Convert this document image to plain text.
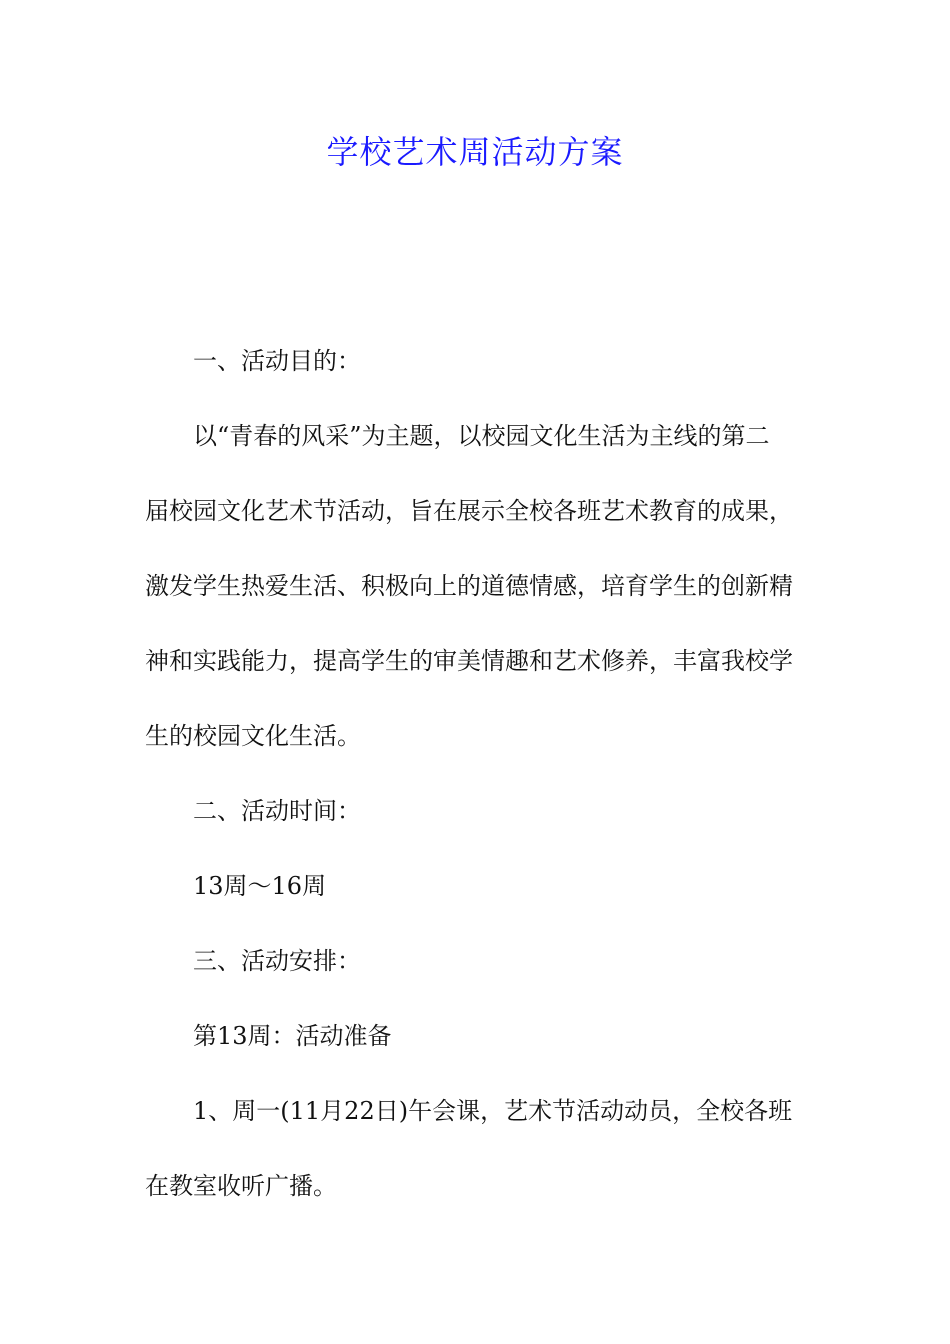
学校艺术周活动方案
一、活动目的：
以“青春的风采”为主题，以校园文化生活为主线的第二
届校园文化艺术节活动，旨在展示全校各班艺术教育的成果，
激发学生热爱生活、积极向上的道德情感，培育学生的创新精
神和实践能力，提高学生的审美情趣和艺术修养，丰富我校学
生的校园文化生活。
二、活动时间：
13周～16周
三、活动安排：
第13周：活动准备
1、周一(11月22日)午会课，艺术节活动动员，全校各班
在教室收听广播。
